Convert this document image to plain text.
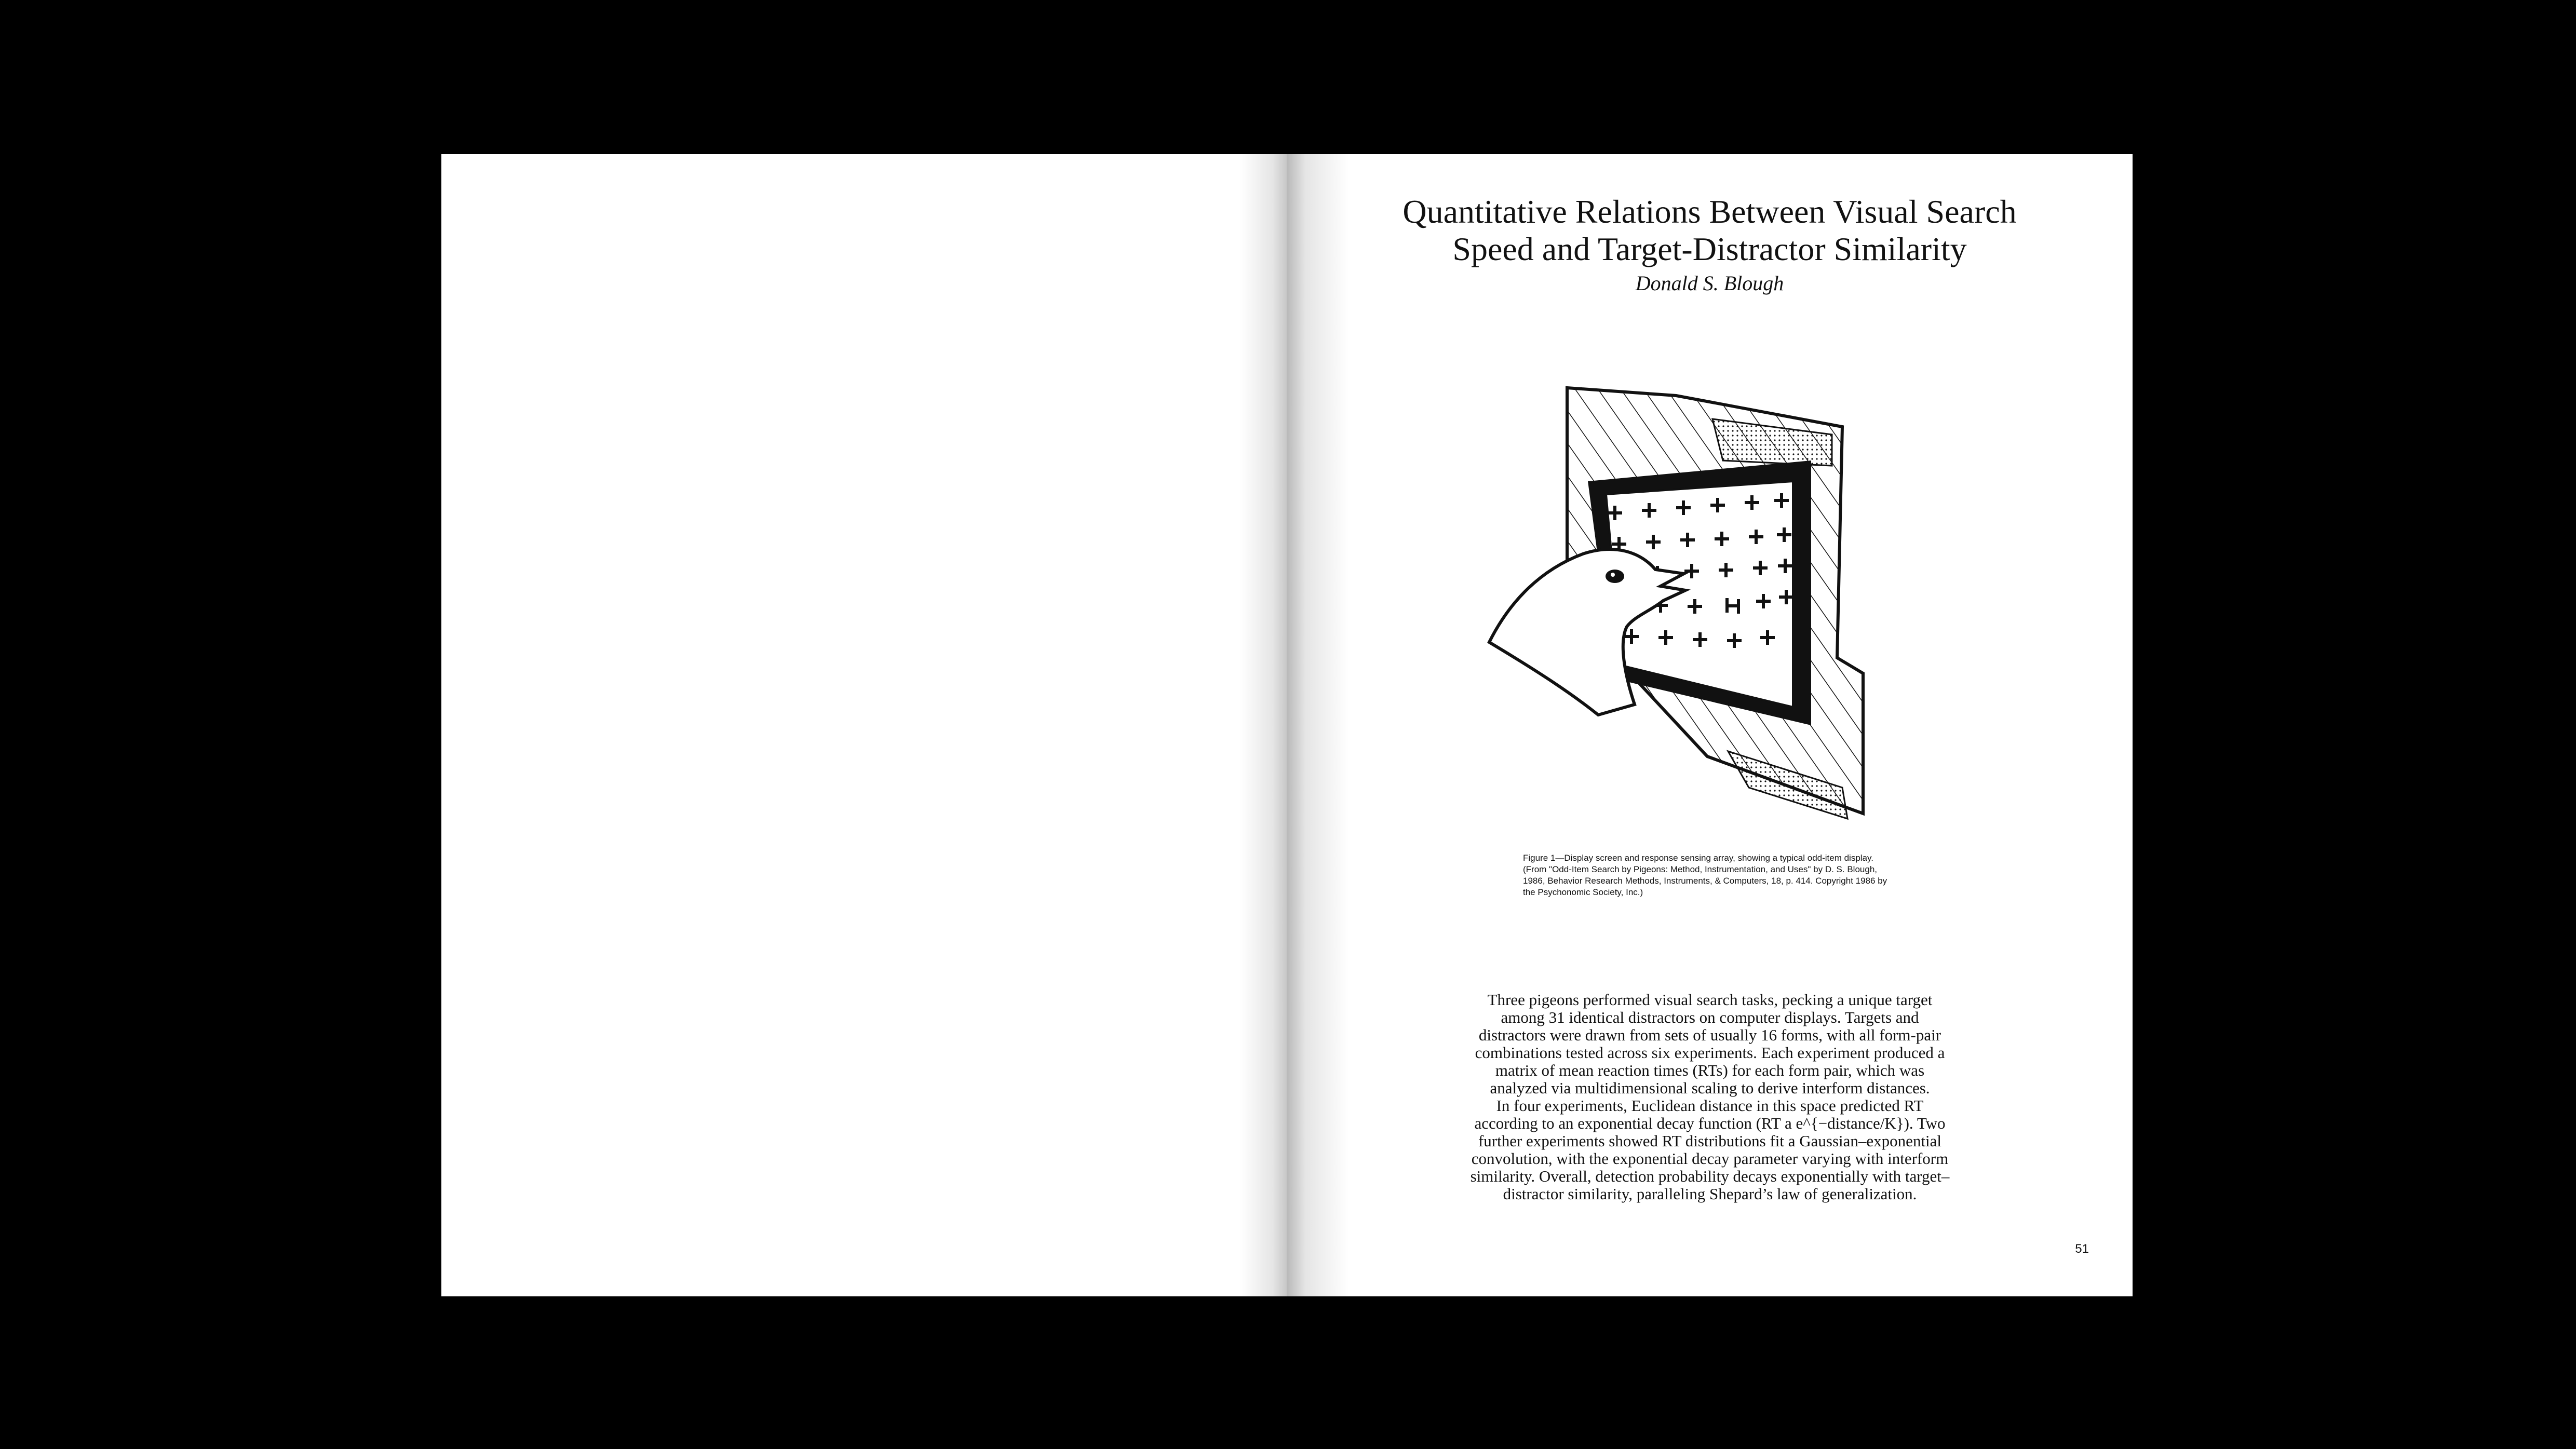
Quantitative Relations Between Visual Search
Speed and Target-Distractor Similarity
Donald S. Blough
Figure 1—Display screen and response sensing array, showing a typical odd-item display. (From "Odd-Item Search by Pigeons: Method, Instrumentation, and Uses" by D. S. Blough, 1986, Behavior Research Methods, Instruments, & Computers, 18, p. 414. Copyright 1986 by the Psychonomic Society, Inc.)

Three pigeons performed visual search tasks, pecking a unique target among 31 identical distractors on computer displays. Targets and distractors were drawn from sets of usually 16 forms, with all form-pair combinations tested across six experiments. Each experiment produced a matrix of mean reaction times (RTs) for each form pair, which was analyzed via multidimensional scaling to derive interform distances.

In four experiments, Euclidean distance in this space predicted RT according to an exponential decay function (RT a e^{−distance/K}). Two further experiments showed RT distributions fit a Gaussian–exponential convolution, with the exponential decay parameter varying with interform similarity. Overall, detection probability decays exponentially with target–distractor similarity, paralleling Shepard’s law of generalization.

51
